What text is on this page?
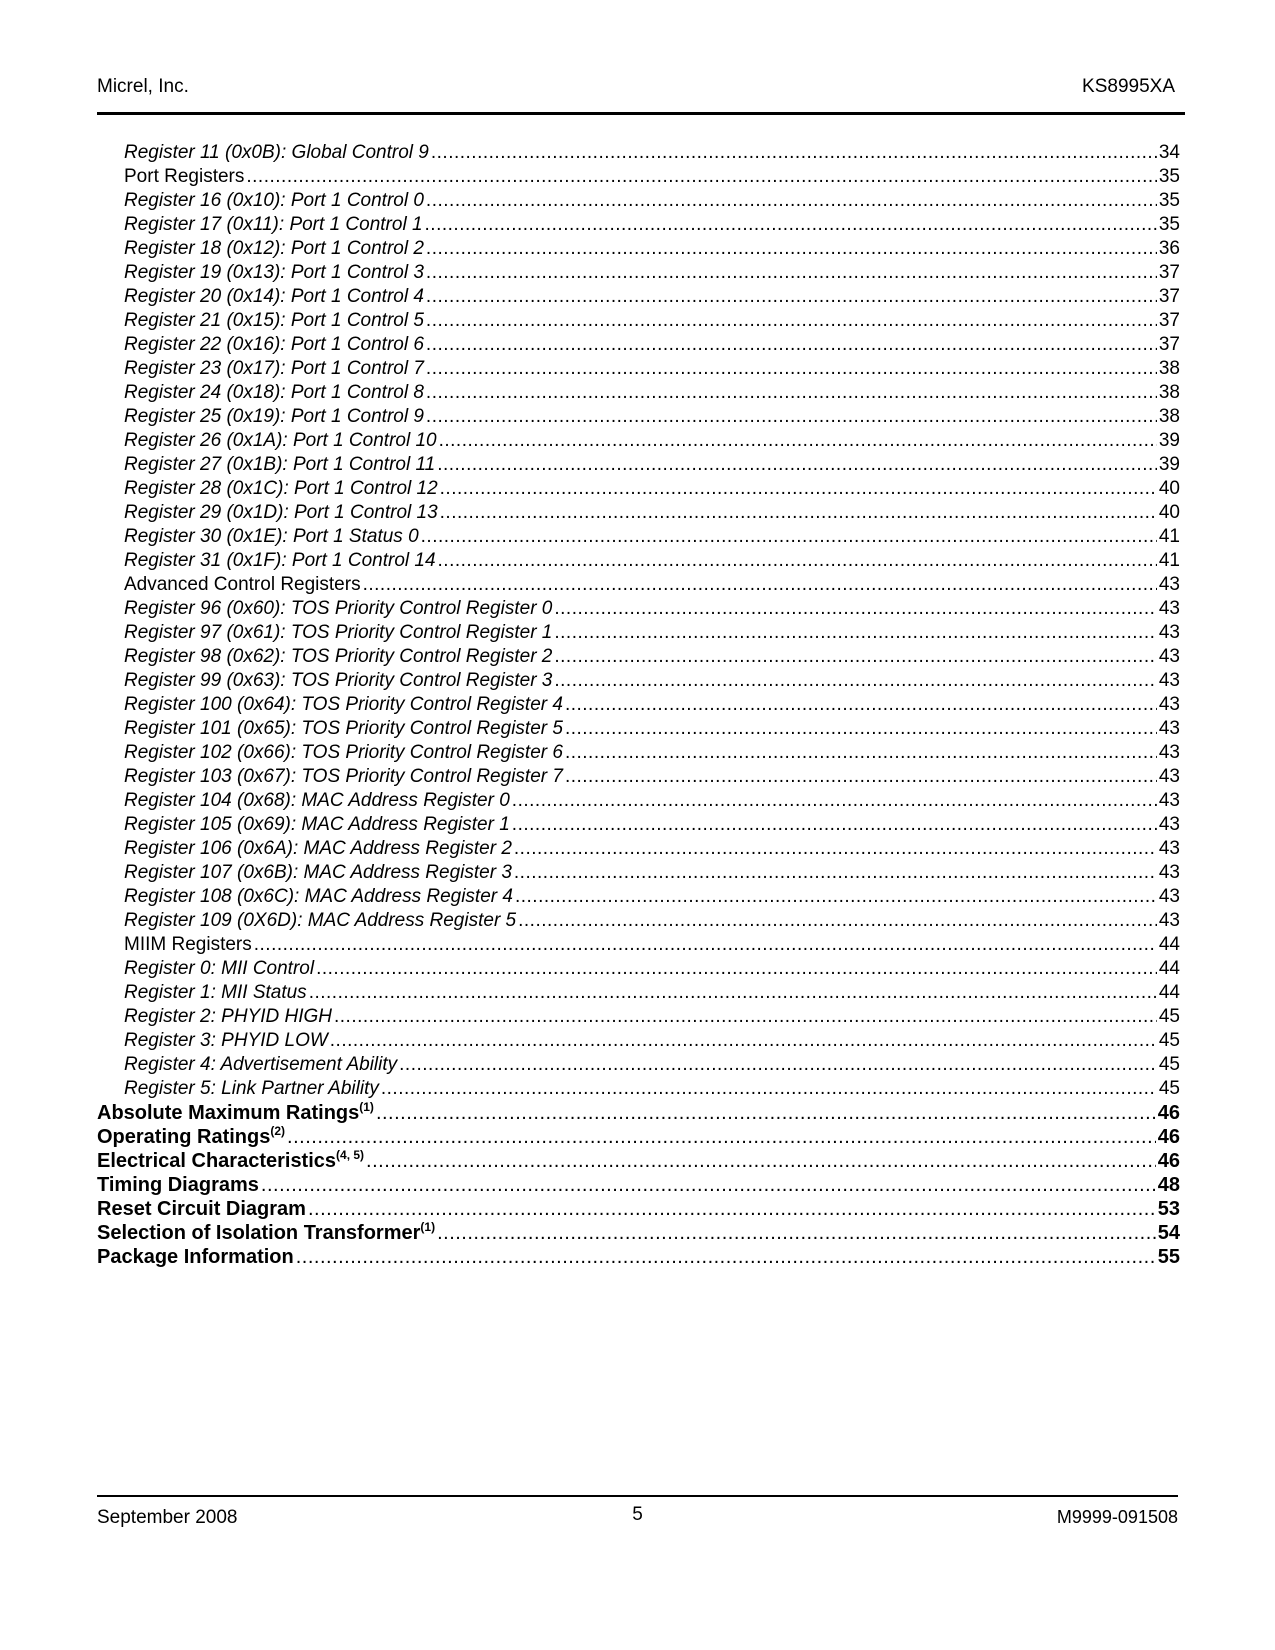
Micrel, Inc.	KS8995XA
Register 11 (0x0B): Global Control 9 .....	34
Port Registers .....	35
Register 16 (0x10): Port 1 Control 0 .....	35
Register 17 (0x11): Port 1 Control 1 .....	35
Register 18 (0x12): Port 1 Control 2 .....	36
Register 19 (0x13): Port 1 Control 3 .....	37
Register 20 (0x14): Port 1 Control 4 .....	37
Register 21 (0x15): Port 1 Control 5 .....	37
Register 22 (0x16): Port 1 Control 6 .....	37
Register 23 (0x17): Port 1 Control 7 .....	38
Register 24 (0x18): Port 1 Control 8 .....	38
Register 25 (0x19): Port 1 Control 9 .....	38
Register 26 (0x1A): Port 1 Control 10 .....	39
Register 27 (0x1B): Port 1 Control 11 .....	39
Register 28 (0x1C): Port 1 Control 12 .....	40
Register 29 (0x1D): Port 1 Control 13 .....	40
Register 30 (0x1E): Port 1 Status 0 .....	41
Register 31 (0x1F): Port 1 Control 14 .....	41
Advanced Control Registers .....	43
Register 96 (0x60): TOS Priority Control Register 0 .....	43
Register 97 (0x61): TOS Priority Control Register 1 .....	43
Register 98 (0x62): TOS Priority Control Register 2 .....	43
Register 99 (0x63): TOS Priority Control Register 3 .....	43
Register 100 (0x64): TOS Priority Control Register 4 .....	43
Register 101 (0x65): TOS Priority Control Register 5 .....	43
Register 102 (0x66): TOS Priority Control Register 6 .....	43
Register 103 (0x67): TOS Priority Control Register 7 .....	43
Register 104 (0x68): MAC Address Register 0 .....	43
Register 105 (0x69): MAC Address Register 1 .....	43
Register 106 (0x6A): MAC Address Register 2 .....	43
Register 107 (0x6B): MAC Address Register 3 .....	43
Register 108 (0x6C): MAC Address Register 4 .....	43
Register 109 (0X6D): MAC Address Register 5 .....	43
MIIM Registers .....	44
Register 0: MII Control .....	44
Register 1: MII Status .....	44
Register 2: PHYID HIGH .....	45
Register 3: PHYID LOW .....	45
Register 4: Advertisement Ability .....	45
Register 5: Link Partner Ability .....	45
Absolute Maximum Ratings$^{(1)}$ .....	46
Operating Ratings$^{(2)}$ .....	46
Electrical Characteristics$^{(4, 5)}$ .....	46
Timing Diagrams .....	48
Reset Circuit Diagram .....	53
Selection of Isolation Transformer$^{(1)}$ .....	54
Package Information .....	55
September 2008	5	M9999-091508
